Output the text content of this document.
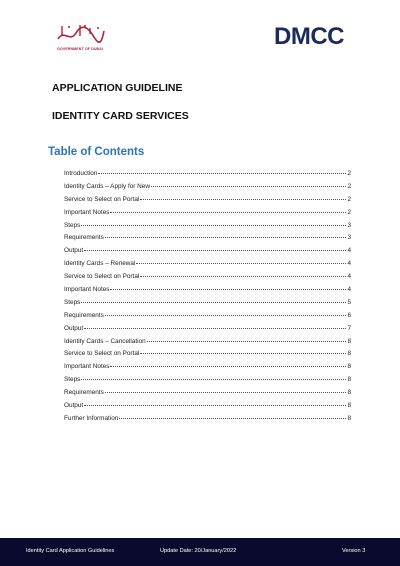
GOVERNMENT OF DUBAI	DMCC
APPLICATION GUIDELINE
IDENTITY CARD SERVICES
Table of Contents
Introduction	2
Identity Cards – Apply for New	2
Service to Select on Portal	2
Important Notes	2
Steps	3
Requirements	3
Output	4
Identity Cards – Renewal	4
Service to Select on Portal	4
Important Notes	4
Steps	5
Requirements	6
Output	7
Identity Cards – Cancellation	8
Service to Select on Portal	8
Important Notes	8
Steps	8
Requirements	8
Output	8
Further Information	8
Identity Card Application Guidelines	Update Date: 20/January/2022	Version 3
